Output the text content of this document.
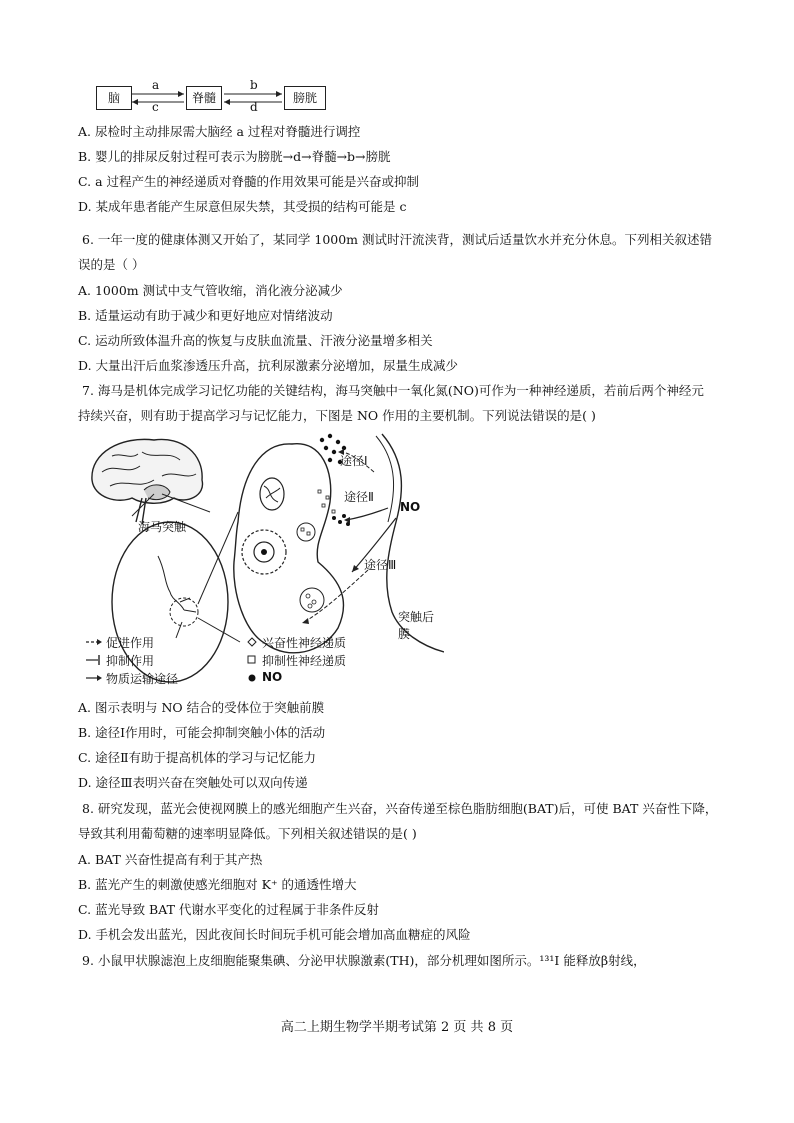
脑	脊髓	膀胱
a
c
b
d
A. 尿检时主动排尿需大脑经 a 过程对脊髓进行调控
B. 婴儿的排尿反射过程可表示为膀胱→d→脊髓→b→膀胱
C. a 过程产生的神经递质对脊髓的作用效果可能是兴奋或抑制
D. 某成年患者能产生尿意但尿失禁，其受损的结构可能是 c
6. 一年一度的健康体测又开始了，某同学 1000m 测试时汗流浃背，测试后适量饮水并充分休息。下列相关叙述错
误的是（ ）
A. 1000m 测试中支气管收缩，消化液分泌减少
B. 适量运动有助于减少和更好地应对情绪波动
C. 运动所致体温升高的恢复与皮肤血流量、汗液分泌量增多相关
D. 大量出汗后血浆渗透压升高，抗利尿激素分泌增加，尿量生成减少
7. 海马是机体完成学习记忆功能的关键结构，海马突触中一氧化氮(NO)可作为一种神经递质，若前后两个神经元
持续兴奋，则有助于提高学习与记忆能力，下图是 NO 作用的主要机制。下列说法错误的是( )
海马突触
途径Ⅰ
途径Ⅱ
NO
途径Ⅲ
突触后膜
促进作用
抑制作用
物质运输途径
兴奋性神经递质
抑制性神经递质
NO
A. 图示表明与 NO 结合的受体位于突触前膜
B. 途径Ⅰ作用时，可能会抑制突触小体的活动
C. 途径Ⅱ有助于提高机体的学习与记忆能力
D. 途径Ⅲ表明兴奋在突触处可以双向传递
8. 研究发现，蓝光会使视网膜上的感光细胞产生兴奋，兴奋传递至棕色脂肪细胞(BAT)后，可使 BAT 兴奋性下降，
导致其利用葡萄糖的速率明显降低。下列相关叙述错误的是( )
A. BAT 兴奋性提高有利于其产热
B. 蓝光产生的刺激使感光细胞对 K⁺ 的通透性增大
C. 蓝光导致 BAT 代谢水平变化的过程属于非条件反射
D. 手机会发出蓝光，因此夜间长时间玩手机可能会增加高血糖症的风险
9. 小鼠甲状腺滤泡上皮细胞能聚集碘、分泌甲状腺激素(TH)，部分机理如图所示。¹³¹I 能释放β射线，
高二上期生物学半期考试第 2 页 共 8 页
